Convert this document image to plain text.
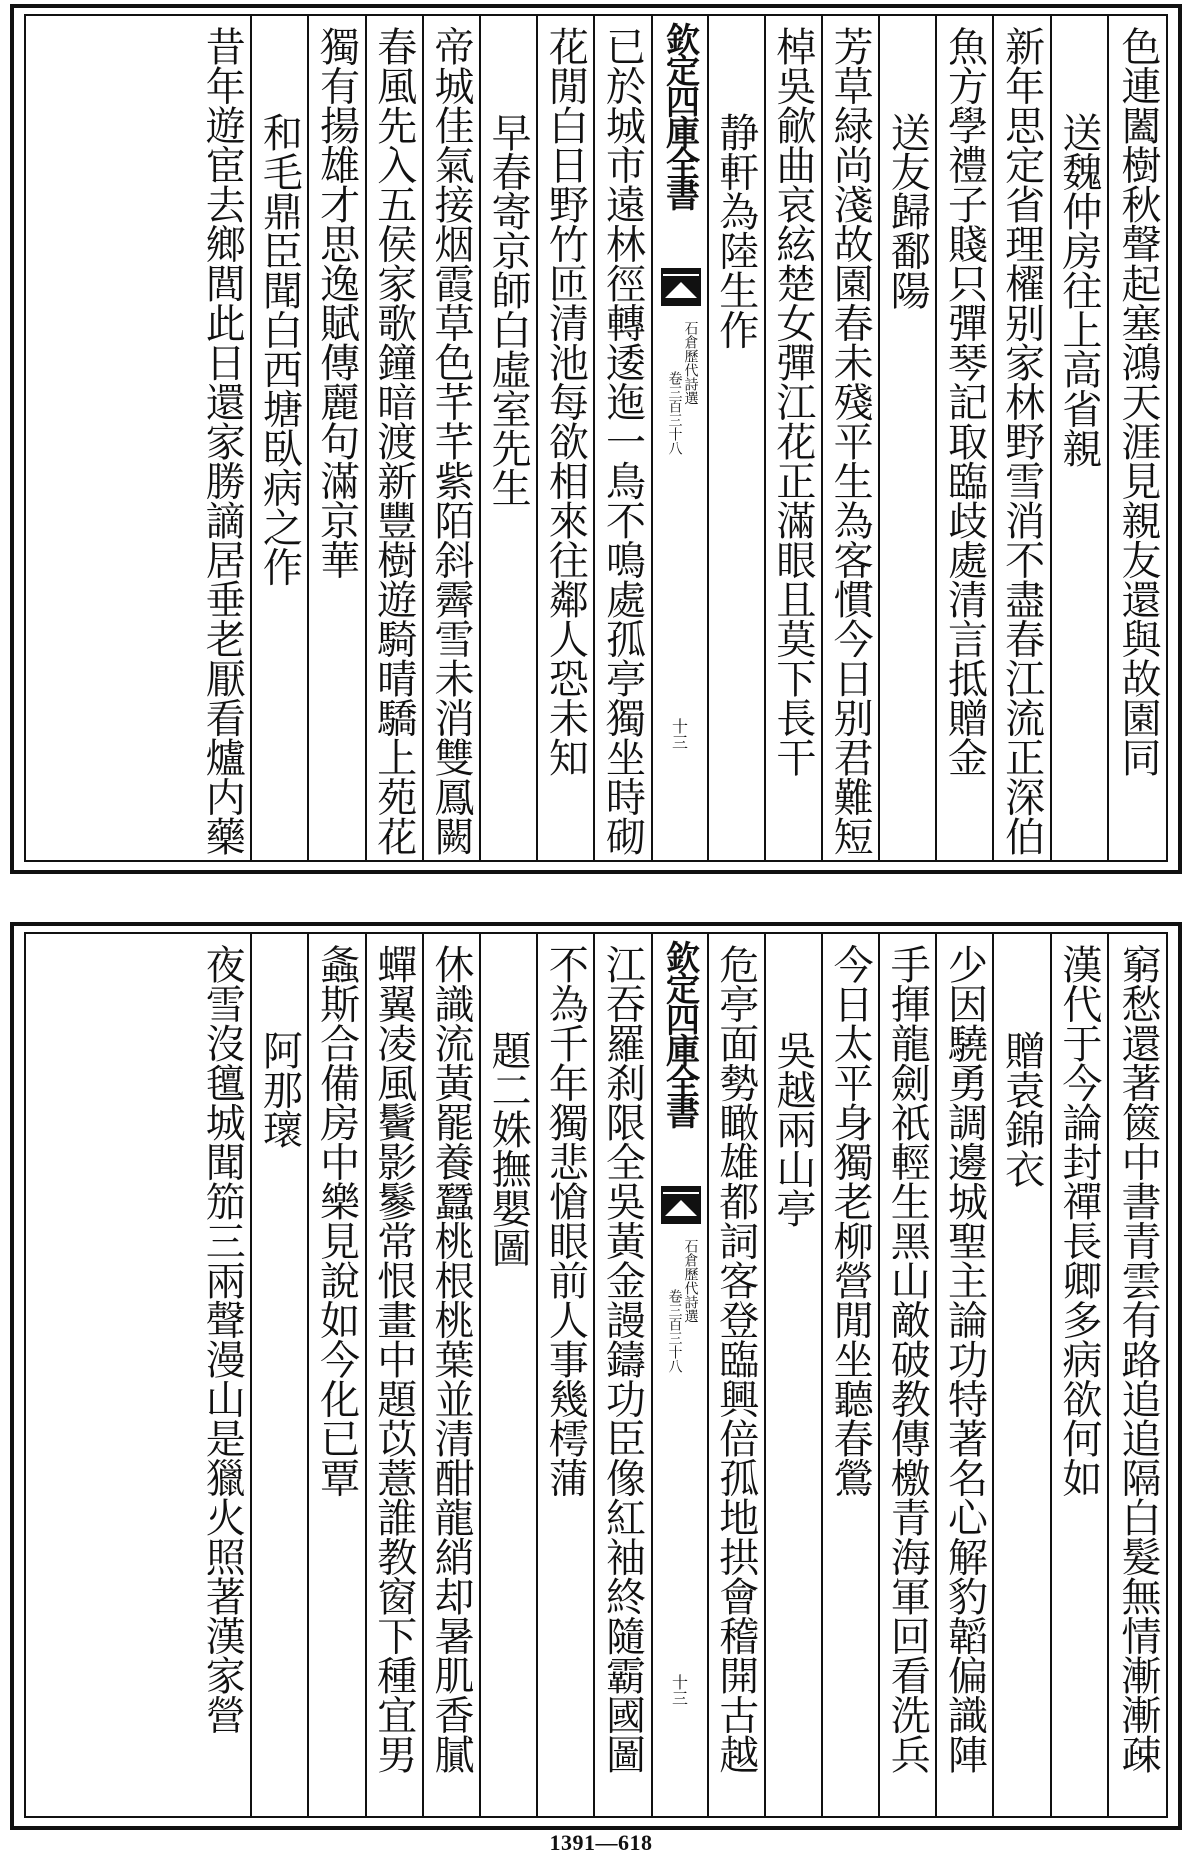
色連闔樹秋聲起塞鴻天涯見親友還與故園同
送魏仲房往上高省親
新年思定省理櫂别家林野雪消不盡春江流正深伯
魚方學禮子賤只彈琴記取臨歧處清言抵贈金
送友歸鄱陽
芳草緑尚淺故園春未殘平生為客慣今日别君難短
棹吳歈曲哀絃楚女彈江花正滿眼且莫下長干
静軒為陸生作
欽定四庫全書
石倉歷代詩選
卷三百三十八
十三
已於城市遠林徑轉逶迤一鳥不鳴處孤亭獨坐時砌
花閒白日野竹匝清池每欲相來往鄰人恐未知
早春寄京師白虛室先生
帝城佳氣接烟霞草色芊芊紫陌斜霽雪未消雙鳳闕
春風先入五侯家歌鐘暗渡新豐樹遊騎晴驕上苑花
獨有揚雄才思逸賦傳麗句滿京華
和毛鼎臣聞白西塘臥病之作
昔年遊宦去鄉閭此日還家勝謫居垂老厭看爐内藥
窮愁還著篋中書青雲有路追追隔白髮無情漸漸疎
漢代于今論封禪長卿多病欲何如
贈袁錦衣
少因驍勇調邊城聖主論功特著名心解豹韜偏識陣
手揮龍劍祇輕生黑山敵破教傳檄青海軍回看洗兵
今日太平身獨老柳營閒坐聽春鶯
吳越兩山亭
危亭面勢瞰雄都詞客登臨興倍孤地拱會稽開古越
欽定四庫全書
石倉歷代詩選
卷三百三十八
十三
江吞羅刹限全吳黃金謾鑄功臣像紅袖終隨霸國圖
不為千年獨悲愴眼前人事幾樗蒲
題二姝撫嬰圖
休識流黃罷養蠶桃根桃葉並清酣龍綃却暑肌香膩
蟬翼凌風鬢影鬖常恨畫中題苡薏誰教窗下種宜男
螽斯合備房中樂見說如今化已覃
阿那瓌
夜雪沒氊城聞笳三兩聲漫山是獵火照著漢家營
1391—618
